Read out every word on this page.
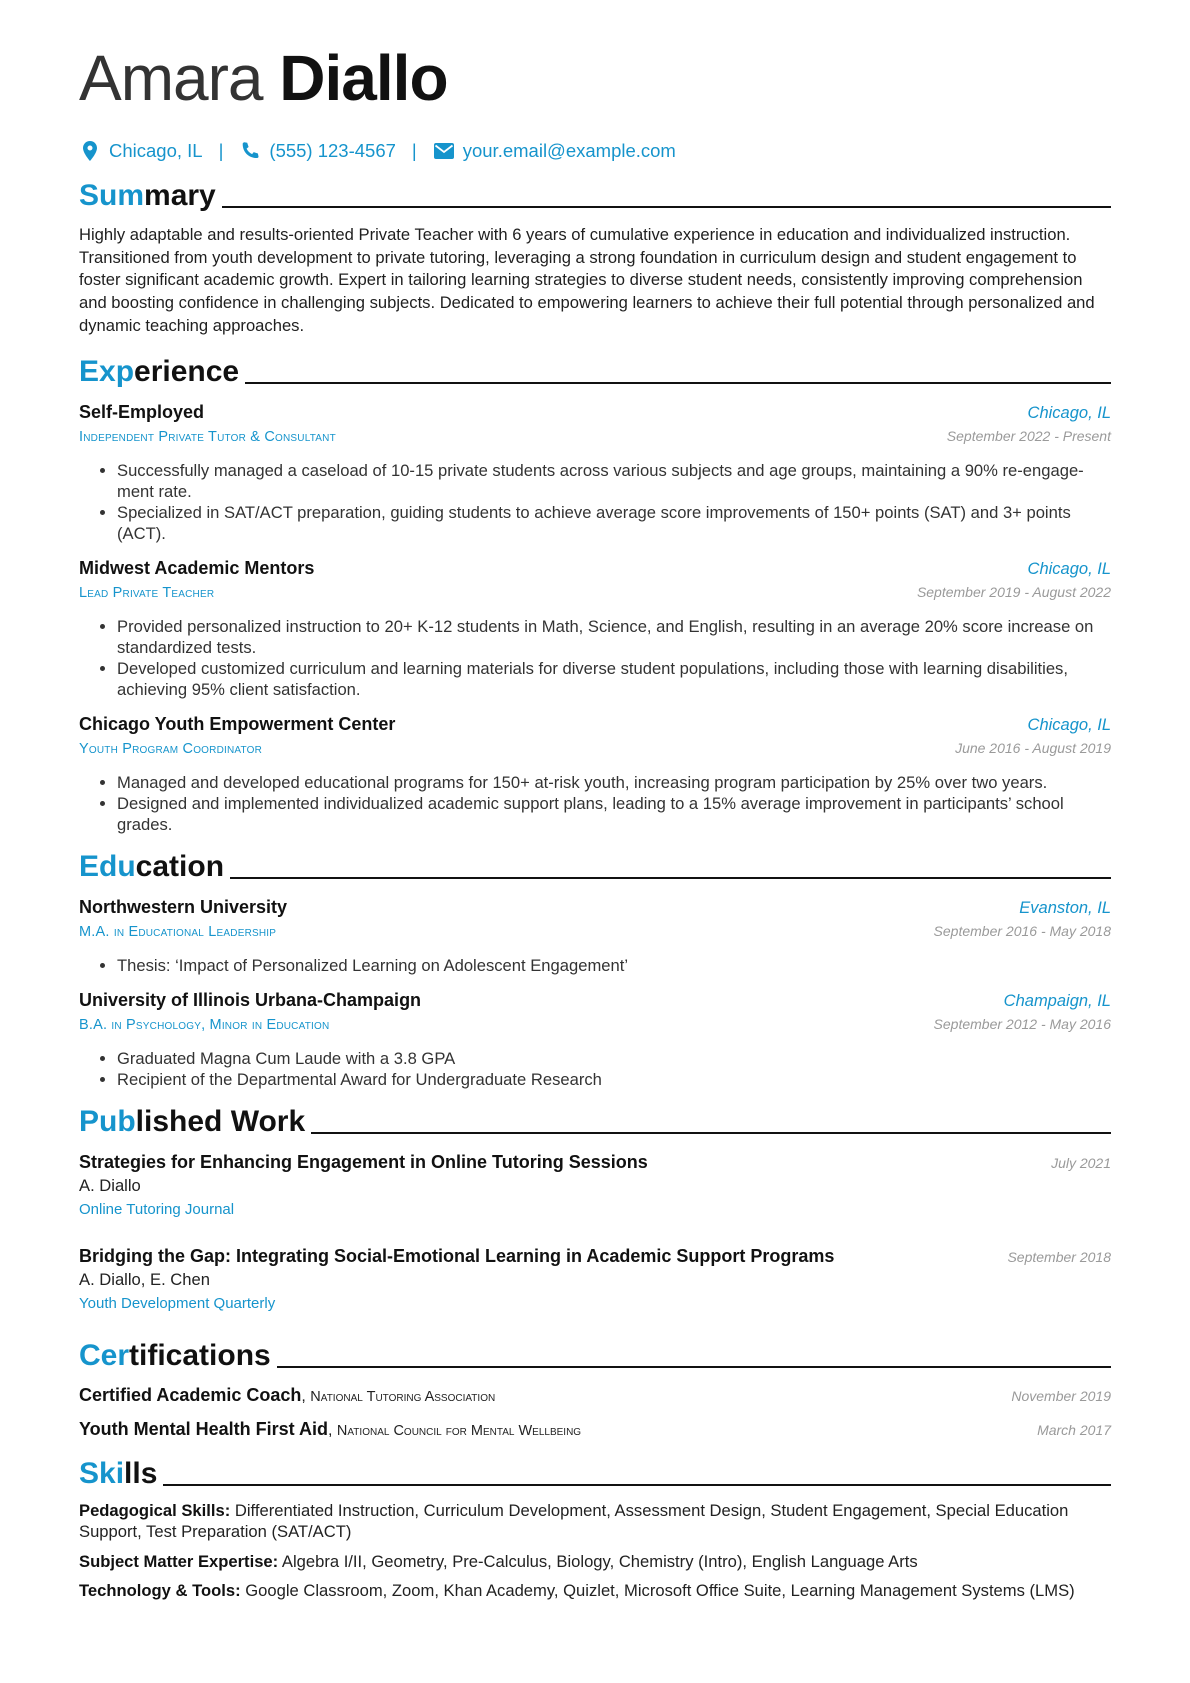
Amara Diallo
Chicago, IL | (555) 123-4567 | your.email@example.com
Summary
Highly adaptable and results-oriented Private Teacher with 6 years of cumulative experience in education and individualized instruction. Transitioned from youth development to private tutoring, leveraging a strong foundation in curriculum design and student engagement to foster significant academic growth. Expert in tailoring learning strategies to diverse student needs, consistently improving comprehension and boosting confidence in challenging subjects. Dedicated to empowering learners to achieve their full potential through personalized and dynamic teaching approaches.
Experience
Self-Employed	Chicago, IL
Independent Private Tutor & Consultant	September 2022 - Present
• Successfully managed a caseload of 10-15 private students across various subjects and age groups, maintaining a 90% re-engage-ment rate.
• Specialized in SAT/ACT preparation, guiding students to achieve average score improvements of 150+ points (SAT) and 3+ points (ACT).
Midwest Academic Mentors	Chicago, IL
Lead Private Teacher	September 2019 - August 2022
• Provided personalized instruction to 20+ K-12 students in Math, Science, and English, resulting in an average 20% score increase on standardized tests.
• Developed customized curriculum and learning materials for diverse student populations, including those with learning disabilities, achieving 95% client satisfaction.
Chicago Youth Empowerment Center	Chicago, IL
Youth Program Coordinator	June 2016 - August 2019
• Managed and developed educational programs for 150+ at-risk youth, increasing program participation by 25% over two years.
• Designed and implemented individualized academic support plans, leading to a 15% average improvement in participants’ school grades.
Education
Northwestern University	Evanston, IL
M.A. in Educational Leadership	September 2016 - May 2018
• Thesis: ‘Impact of Personalized Learning on Adolescent Engagement’
University of Illinois Urbana-Champaign	Champaign, IL
B.A. in Psychology, Minor in Education	September 2012 - May 2016
• Graduated Magna Cum Laude with a 3.8 GPA
• Recipient of the Departmental Award for Undergraduate Research
Published Work
Strategies for Enhancing Engagement in Online Tutoring Sessions	July 2021
A. Diallo
Online Tutoring Journal
Bridging the Gap: Integrating Social-Emotional Learning in Academic Support Programs	September 2018
A. Diallo, E. Chen
Youth Development Quarterly
Certifications
Certified Academic Coach, National Tutoring Association	November 2019
Youth Mental Health First Aid, National Council for Mental Wellbeing	March 2017
Skills
Pedagogical Skills: Differentiated Instruction, Curriculum Development, Assessment Design, Student Engagement, Special Education Support, Test Preparation (SAT/ACT)
Subject Matter Expertise: Algebra I/II, Geometry, Pre-Calculus, Biology, Chemistry (Intro), English Language Arts
Technology & Tools: Google Classroom, Zoom, Khan Academy, Quizlet, Microsoft Office Suite, Learning Management Systems (LMS)
